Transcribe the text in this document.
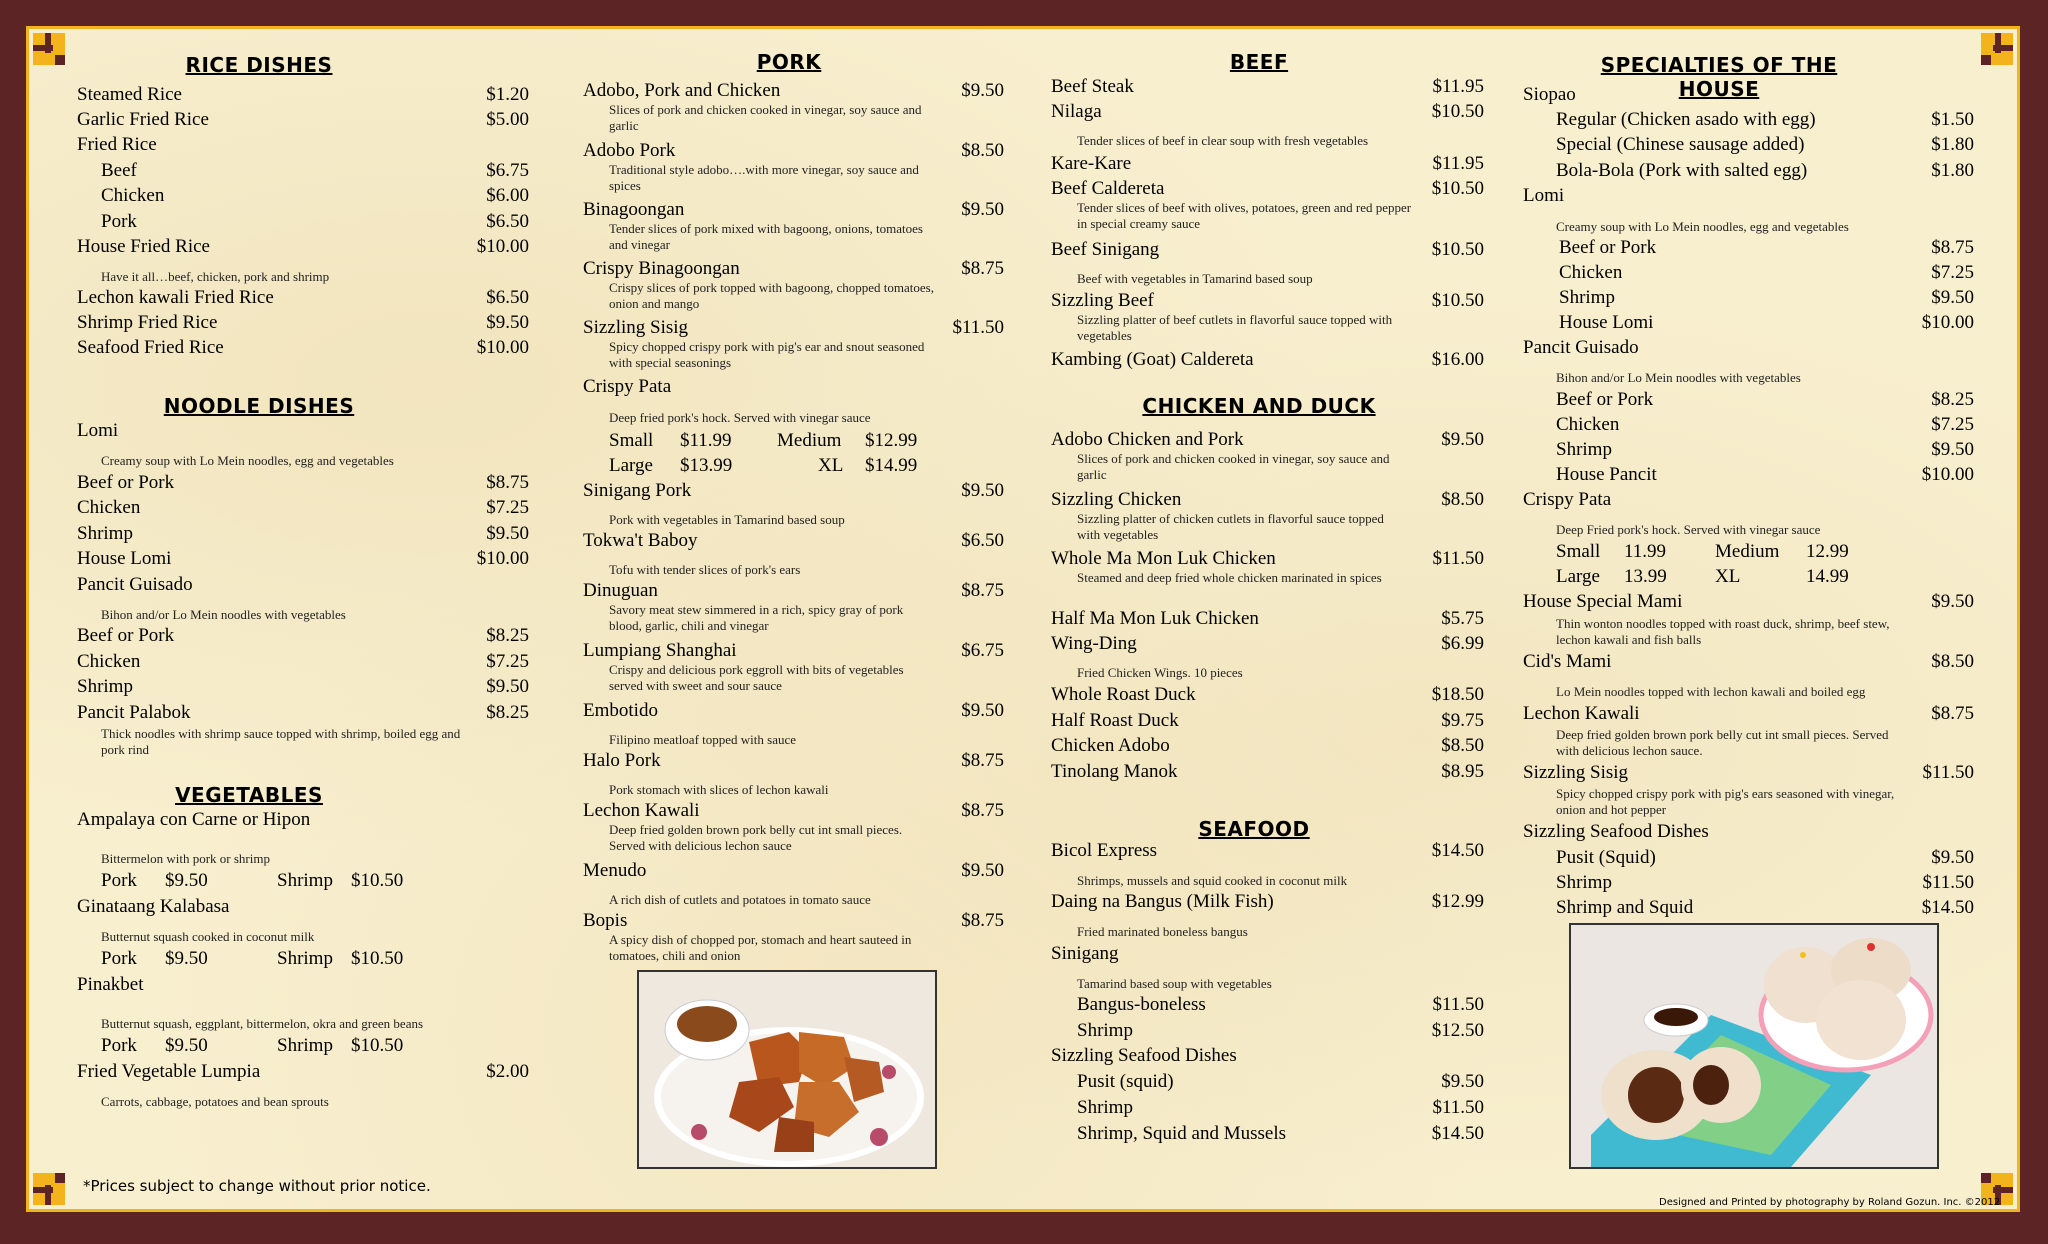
RICE DISHES
Steamed Rice	$1.20
Garlic Fried Rice	$5.00
Fried Rice
Beef	$6.75
Chicken	$6.00
Pork	$6.50
House Fried Rice	$10.00
Have it all…beef, chicken, pork and shrimp
Lechon kawali Fried Rice	$6.50
Shrimp Fried Rice	$9.50
Seafood Fried Rice	$10.00
NOODLE DISHES
Lomi
Creamy soup with Lo Mein noodles, egg and vegetables
Beef or Pork	$8.75
Chicken	$7.25
Shrimp	$9.50
House Lomi	$10.00
Pancit Guisado
Bihon and/or Lo Mein noodles with vegetables
Beef or Pork	$8.25
Chicken	$7.25
Shrimp	$9.50
Pancit Palabok	$8.25
Thick noodles with shrimp sauce topped with shrimp, boiled egg and pork rind
VEGETABLES
Ampalaya con Carne or Hipon
Bittermelon with pork or shrimp
Pork $9.50	Shrimp $10.50
Ginataang Kalabasa
Butternut squash cooked in coconut milk
Pork $9.50	Shrimp $10.50
Pinakbet
Butternut squash, eggplant, bittermelon, okra and green beans
Pork $9.50	Shrimp $10.50
Fried Vegetable Lumpia	$2.00
Carrots, cabbage, potatoes and bean sprouts
*Prices subject to change without prior notice.
PORK
Adobo, Pork and Chicken	$9.50
Slices of pork and chicken cooked in vinegar, soy sauce and garlic
Adobo Pork	$8.50
Traditional style adobo….with more vinegar, soy sauce and spices
Binagoongan	$9.50
Tender slices of pork mixed with bagoong, onions, tomatoes and vinegar
Crispy Binagoongan	$8.75
Crispy slices of pork topped with bagoong, chopped tomatoes, onion and mango
Sizzling Sisig	$11.50
Spicy chopped crispy pork with pig's ear and snout seasoned with special seasonings
Crispy Pata
Deep fried pork's hock. Served with vinegar sauce
Small $11.99 Medium $12.99
Large $13.99	XL $14.99
Sinigang Pork	$9.50
Pork with vegetables in Tamarind based soup
Tokwa't Baboy	$6.50
Tofu with tender slices of pork's ears
Dinuguan	$8.75
Savory meat stew simmered in a rich, spicy gray of pork blood, garlic, chili and vinegar
Lumpiang Shanghai	$6.75
Crispy and delicious pork eggroll with bits of vegetables served with sweet and sour sauce
Embotido	$9.50
Filipino meatloaf topped with sauce
Halo Pork	$8.75
Pork stomach with slices of lechon kawali
Lechon Kawali	$8.75
Deep fried golden brown pork belly cut int small pieces. Served with delicious lechon sauce
Menudo	$9.50
A rich dish of cutlets and potatoes in tomato sauce
Bopis	$8.75
A spicy dish of chopped por, stomach and heart sauteed in tomatoes, chili and onion
BEEF
Beef Steak	$11.95
Nilaga	$10.50
Tender slices of beef in clear soup with fresh vegetables
Kare-Kare	$11.95
Beef Caldereta	$10.50
Tender slices of beef with olives, potatoes, green and red pepper in special creamy sauce
Beef Sinigang	$10.50
Beef with vegetables in Tamarind based soup
Sizzling Beef	$10.50
Sizzling platter of beef cutlets in flavorful sauce topped with vegetables
Kambing (Goat) Caldereta	$16.00
CHICKEN AND DUCK
Adobo Chicken and Pork	$9.50
Slices of pork and chicken cooked in vinegar, soy sauce and garlic
Sizzling Chicken	$8.50
Sizzling platter of chicken cutlets in flavorful sauce topped with vegetables
Whole Ma Mon Luk Chicken	$11.50
Steamed and deep fried whole chicken marinated in spices
Half Ma Mon Luk Chicken	$5.75
Wing-Ding	$6.99
Fried Chicken Wings. 10 pieces
Whole Roast Duck	$18.50
Half Roast Duck	$9.75
Chicken Adobo	$8.50
Tinolang Manok	$8.95
SEAFOOD
Bicol Express	$14.50
Shrimps, mussels and squid cooked in coconut milk
Daing na Bangus (Milk Fish)	$12.99
Fried marinated boneless bangus
Sinigang
Tamarind based soup with vegetables
Bangus-boneless	$11.50
Shrimp	$12.50
Sizzling Seafood Dishes
Pusit (squid)	$9.50
Shrimp	$11.50
Shrimp, Squid and Mussels	$14.50
SPECIALTIES OF THE HOUSE
Siopao
Regular (Chicken asado with egg)	$1.50
Special (Chinese sausage added)	$1.80
Bola-Bola (Pork with salted egg)	$1.80
Lomi
Creamy soup with Lo Mein noodles, egg and vegetables
Beef or Pork	$8.75
Chicken	$7.25
Shrimp	$9.50
House Lomi	$10.00
Pancit Guisado
Bihon and/or Lo Mein noodles with vegetables
Beef or Pork	$8.25
Chicken	$7.25
Shrimp	$9.50
House Pancit	$10.00
Crispy Pata
Deep Fried pork's hock. Served with vinegar sauce
Small 11.99	Medium 12.99
Large 13.99	XL	14.99
House Special Mami	$9.50
Thin wonton noodles topped with roast duck, shrimp, beef stew, lechon kawali and fish balls
Cid's Mami	$8.50
Lo Mein noodles topped with lechon kawali and boiled egg
Lechon Kawali	$8.75
Deep fried golden brown pork belly cut int small pieces. Served with delicious lechon sauce.
Sizzling Sisig	$11.50
Spicy chopped crispy pork with pig's ears seasoned with vinegar, onion and hot pepper
Sizzling Seafood Dishes
Pusit (Squid)	$9.50
Shrimp	$11.50
Shrimp and Squid	$14.50
Designed and Printed by photography by Roland Gozun. Inc. ©2012
